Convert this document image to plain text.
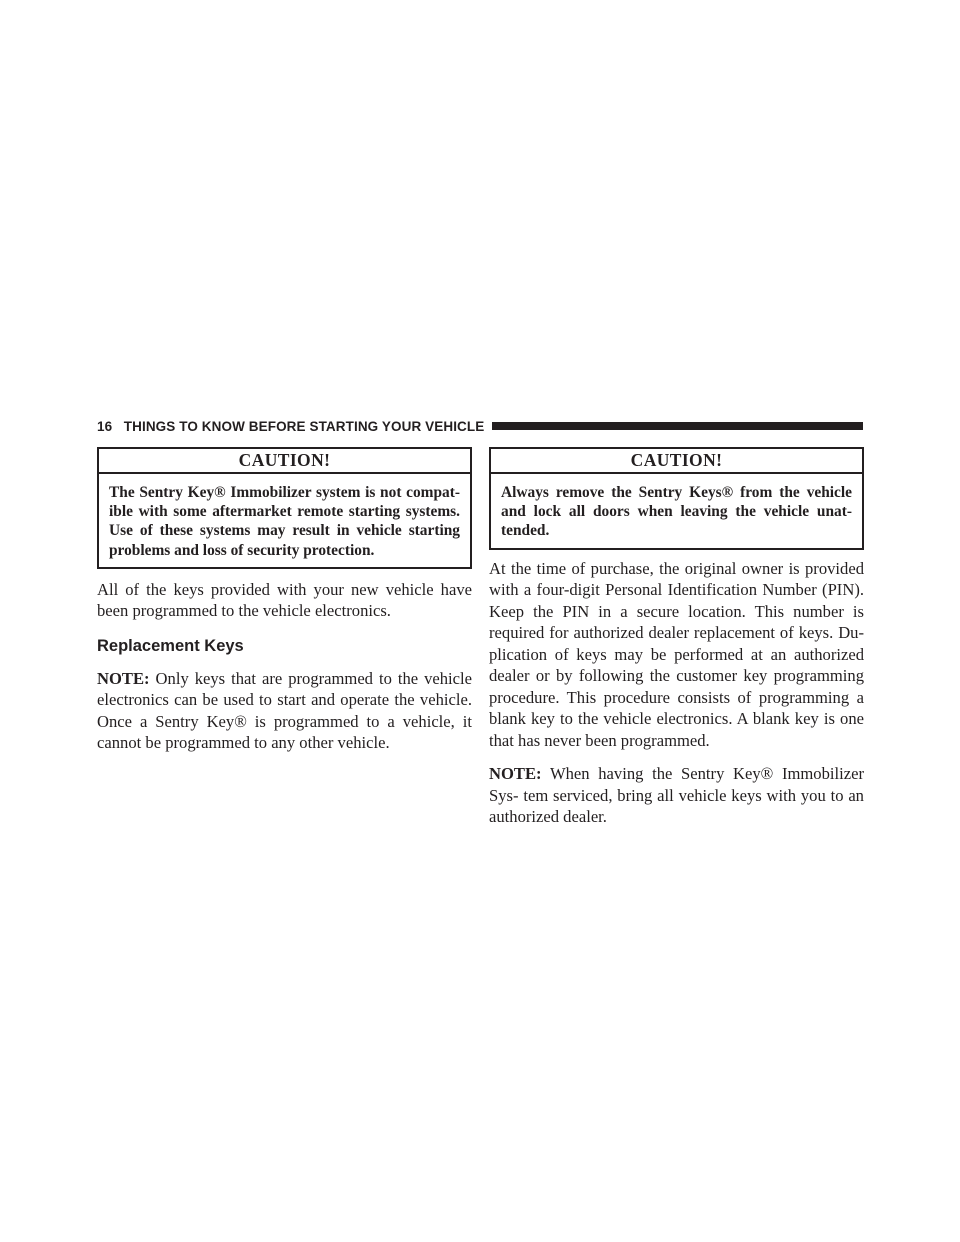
16 THINGS TO KNOW BEFORE STARTING YOUR VEHICLE
CAUTION!
The Sentry Key® Immobilizer system is not compat- ible with some aftermarket remote starting systems. Use of these systems may result in vehicle starting problems and loss of security protection.

All of the keys provided with your new vehicle have been programmed to the vehicle electronics.

Replacement Keys

NOTE: Only keys that are programmed to the vehicle electronics can be used to start and operate the vehicle. Once a Sentry Key® is programmed to a vehicle, it cannot be programmed to any other vehicle.

CAUTION!
Always remove the Sentry Keys® from the vehicle and lock all doors when leaving the vehicle unat- tended.

At the time of purchase, the original owner is provided with a four-digit Personal Identification Number (PIN). Keep the PIN in a secure location. This number is required for authorized dealer replacement of keys. Du- plication of keys may be performed at an authorized dealer or by following the customer key programming procedure. This procedure consists of programming a blank key to the vehicle electronics. A blank key is one that has never been programmed.

NOTE: When having the Sentry Key® Immobilizer Sys- tem serviced, bring all vehicle keys with you to an authorized dealer.
